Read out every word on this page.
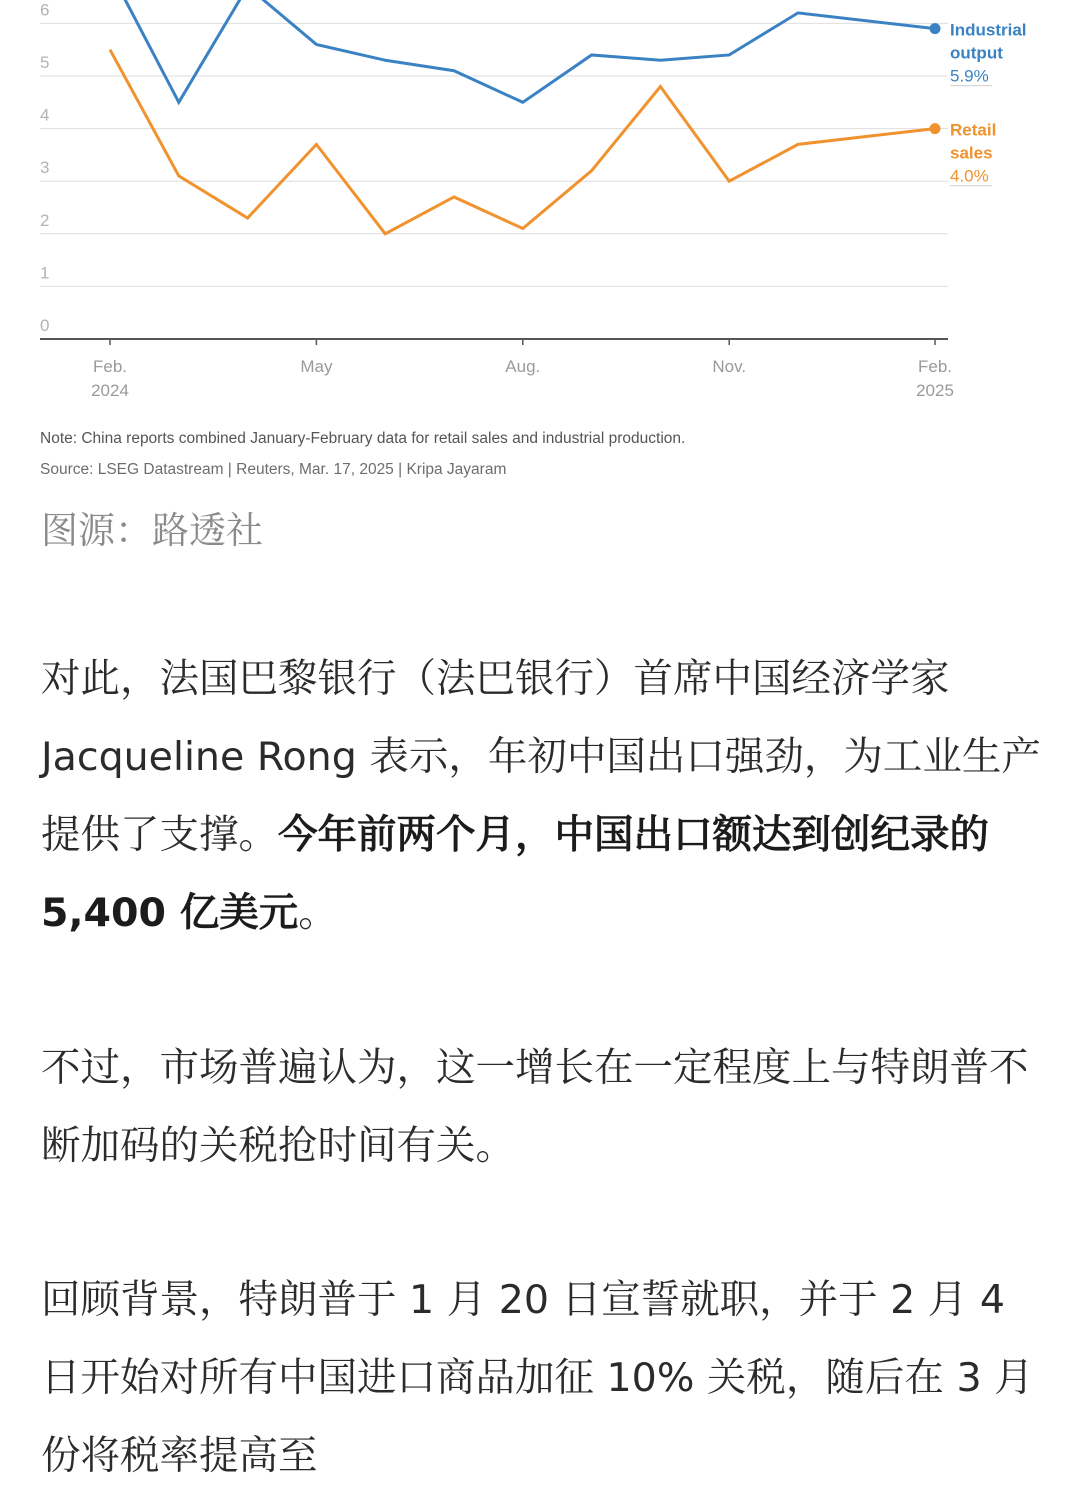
0
1
2
3
4
5
6
Feb.
2024
May	Aug.	Nov.	Feb.
2025
Industrial
output
5.9%
Retail
sales
4.0%
Note: China reports combined January-February data for retail sales and industrial production.
Source: LSEG Datastream | Reuters, Mar. 17, 2025 | Kripa Jayaram
图源：路透社
对此，法国巴黎银行（法巴银行）首席中国经济学家 Jacqueline Rong 表示，年初中国出口强劲，为工业生产提供了支撑。今年前两个月，中国出口额达到创纪录的 5,400 亿美元。
不过，市场普遍认为，这一增长在一定程度上与特朗普不断加码的关税抢时间有关。
回顾背景，特朗普于 1 月 20 日宣誓就职，并于 2 月 4 日开始对所有中国进口商品加征 10% 关税，随后在 3 月份将税率提高至
